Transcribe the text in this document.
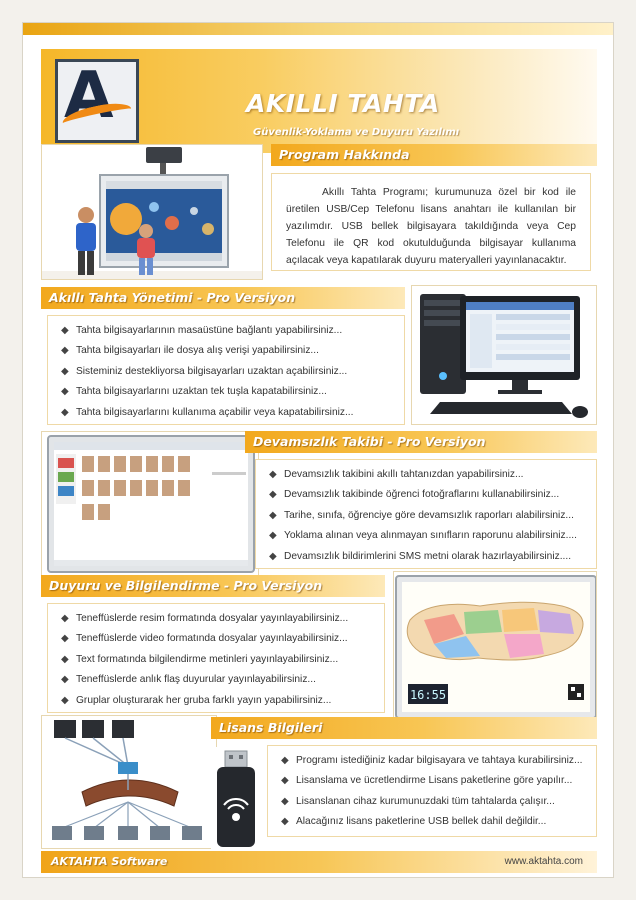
A	AKILLI TAHTA
Güvenlik-Yoklama ve Duyuru Yazılımı
Program Hakkında

Akıllı Tahta Programı; kurumunuza özel bir kod ile üretilen USB/Cep Telefonu lisans anahtarı ile kullanılan bir yazılımdır. USB bellek bilgisayara takıldığında veya Cep Telefonu ile QR kod okutulduğunda bilgisayar kullanıma açılacak veya kapatılarak duyuru materyalleri yayınlanacaktır.

Akıllı Tahta Yönetimi - Pro Versiyon
◆ Tahta bilgisayarlarının masaüstüne bağlantı yapabilirsiniz...
◆ Tahta bilgisayarları ile dosya alış verişi yapabilirsiniz...
◆ Sisteminiz destekliyorsa bilgisayarları uzaktan açabilirsiniz...
◆ Tahta bilgisayarlarını uzaktan tek tuşla kapatabilirsiniz...
◆ Tahta bilgisayarlarını kullanıma açabilir veya kapatabilirsiniz...
Devamsızlık Takibi - Pro Versiyon
◆ Devamsızlık takibini akıllı tahtanızdan yapabilirsiniz...
◆ Devamsızlık takibinde öğrenci fotoğraflarını kullanabilirsiniz...
◆ Tarihe, sınıfa, öğrenciye göre devamsızlık raporları alabilirsiniz...
◆ Yoklama alınan veya alınmayan sınıfların raporunu alabilirsiniz....
◆ Devamsızlık bildirimlerini SMS metni olarak hazırlayabilirsiniz....
Duyuru ve Bilgilendirme - Pro Versiyon
◆ Teneffüslerde resim formatında dosyalar yayınlayabilirsiniz...
◆ Teneffüslerde video formatında dosyalar yayınlayabilirsiniz...
◆ Text formatında bilgilendirme metinleri yayınlayabilirsiniz...
◆ Teneffüslerde anlık flaş duyurular yayınlayabilirsiniz...
◆ Gruplar oluşturarak her gruba farklı yayın yapabilirsiniz...	16:55
Lisans Bilgileri
◆ Programı istediğiniz kadar bilgisayara ve tahtaya kurabilirsiniz...
◆ Lisanslama ve ücretlendirme Lisans paketlerine göre yapılır...
◆ Lisanslanan cihaz kurumunuzdaki tüm tahtalarda çalışır...
◆ Alacağınız lisans paketlerine USB bellek dahil değildir...
AKTAHTA Software	www.aktahta.com
